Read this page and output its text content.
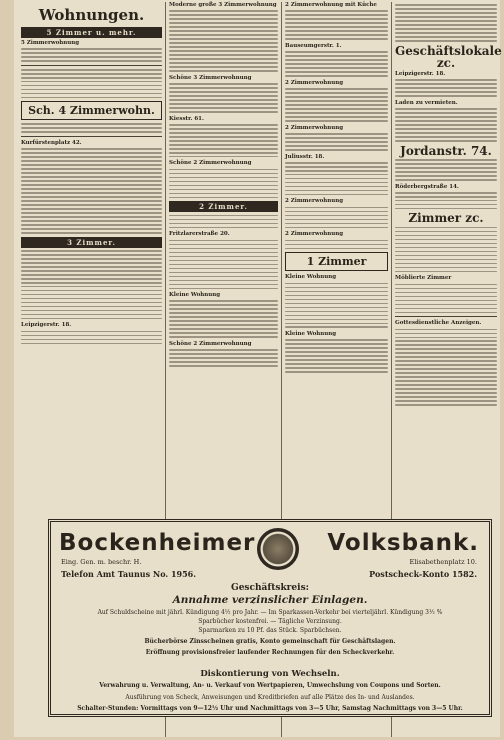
Wohnungen.
5 Zimmer u. mehr.
5 Zimmerwohnung
Sch. 4 Zimmerwohn.
Kurfürstenplatz 42.
3 Zimmer.
Leipzigerstr. 18.
Moderne große 3 Zimmerwohnung
Schöne 3 Zimmerwohnung
Kiesstr. 61.
Schöne 2 Zimmerwohnung
2 Zimmer.
Fritzlarerstraße 20.
Kleine Wohnung
Schöne 2 Zimmerwohnung
2 Zimmerwohnung mit Küche
Bauseumgerstr. 1.
2 Zimmerwohnung
2 Zimmerwohnung
Juliusstr. 18.
2 Zimmerwohnung
2 Zimmerwohnung
1 Zimmer
Kleine Wohnung
Kleine Wohnung
Geschäftslokale zc.
Leipzigerstr. 18.
Laden zu vermieten.
Jordanstr. 74.
Röderbergstraße 14.
Zimmer zc.
Möblierte Zimmer
Gottesdienstliche Anzeigen.
Bockenheimer	Volksbank.
Eing. Gen. m. beschr. H.	Elisabethenplatz 10.
Telefon Amt Taunus No. 1956.	Postscheck-Konto 1582.
Geschäftskreis:
Annahme verzinslicher Einlagen.
Auf Schuldscheine mit jährl. Kündigung 4½ pro Jahr. — Im Sparkassen-Verkehr bei vierteljährl. Kündigung 3½ %
Sparbücher kostenfrei. — Tägliche Verzinsung.
Sparmarken zu 10 Pf. das Stück. Sparbüchsen.
Bücherbörse Zinsscheinen gratis, Konto gemeinschaft für Geschäftslagen.
Eröffnung provisionsfreier laufender Rechnungen für den Scheckverkehr.
Diskontierung von Wechseln.
Verwahrung u. Verwaltung, An- u. Verkauf von Wertpapieren, Umwechslung von Coupons und Sorten.
Ausführung von Scheck, Anweisungen und Kreditbriefen auf alle Plätze des In- und Auslandes.
Schalter-Stunden: Vormittags von 9—12½ Uhr und Nachmittags von 3—5 Uhr, Samstag Nachmittags von 3—5 Uhr.
